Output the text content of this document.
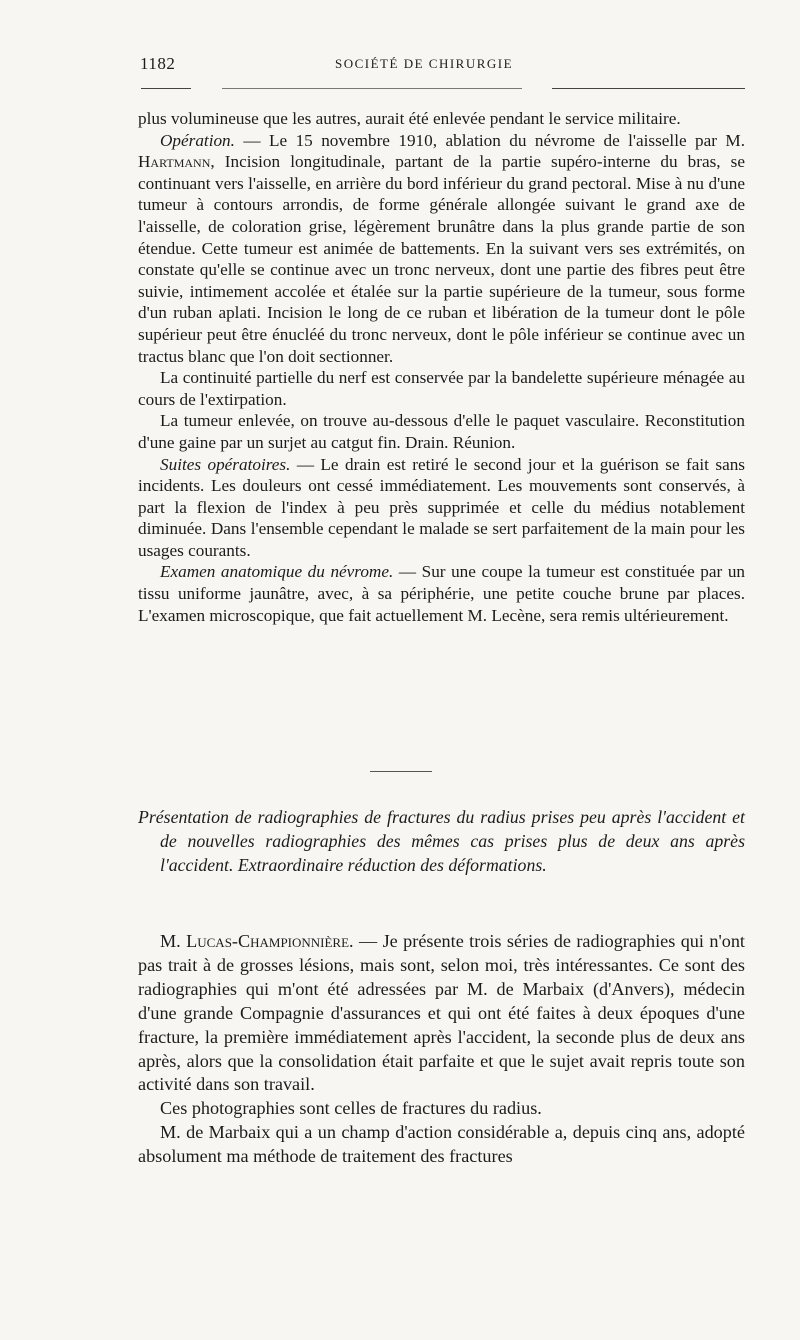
1182	SOCIÉTÉ DE CHIRURGIE

plus volumineuse que les autres, aurait été enlevée pendant le service militaire.

Opération. — Le 15 novembre 1910, ablation du névrome de l'aisselle par M. Hartmann, Incision longitudinale, partant de la partie supéro-interne du bras, se continuant vers l'aisselle, en arrière du bord inférieur du grand pectoral. Mise à nu d'une tumeur à contours arrondis, de forme générale allongée suivant le grand axe de l'aisselle, de coloration grise, légèrement brunâtre dans la plus grande partie de son étendue. Cette tumeur est animée de battements. En la suivant vers ses extrémités, on constate qu'elle se continue avec un tronc nerveux, dont une partie des fibres peut être suivie, intimement accolée et étalée sur la partie supérieure de la tumeur, sous forme d'un ruban aplati. Incision le long de ce ruban et libération de la tumeur dont le pôle supérieur peut être énucléé du tronc nerveux, dont le pôle inférieur se continue avec un tractus blanc que l'on doit sectionner.

La continuité partielle du nerf est conservée par la bandelette supérieure ménagée au cours de l'extirpation.

La tumeur enlevée, on trouve au-dessous d'elle le paquet vasculaire. Reconstitution d'une gaine par un surjet au catgut fin. Drain. Réunion.

Suites opératoires. — Le drain est retiré le second jour et la guérison se fait sans incidents. Les douleurs ont cessé immédiatement. Les mouvements sont conservés, à part la flexion de l'index à peu près supprimée et celle du médius notablement diminuée. Dans l'ensemble cependant le malade se sert parfaitement de la main pour les usages courants.

Examen anatomique du névrome. — Sur une coupe la tumeur est constituée par un tissu uniforme jaunâtre, avec, à sa périphérie, une petite couche brune par places. L'examen microscopique, que fait actuellement M. Lecène, sera remis ultérieurement.

Présentation de radiographies de fractures du radius prises peu après l'accident et de nouvelles radiographies des mêmes cas prises plus de deux ans après l'accident. Extraordinaire réduction des déformations.

M. Lucas-Championnière. — Je présente trois séries de radiographies qui n'ont pas trait à de grosses lésions, mais sont, selon moi, très intéressantes. Ce sont des radiographies qui m'ont été adressées par M. de Marbaix (d'Anvers), médecin d'une grande Compagnie d'assurances et qui ont été faites à deux époques d'une fracture, la première immédiatement après l'accident, la seconde plus de deux ans après, alors que la consolidation était parfaite et que le sujet avait repris toute son activité dans son travail.

Ces photographies sont celles de fractures du radius.

M. de Marbaix qui a un champ d'action considérable a, depuis cinq ans, adopté absolument ma méthode de traitement des fractures
